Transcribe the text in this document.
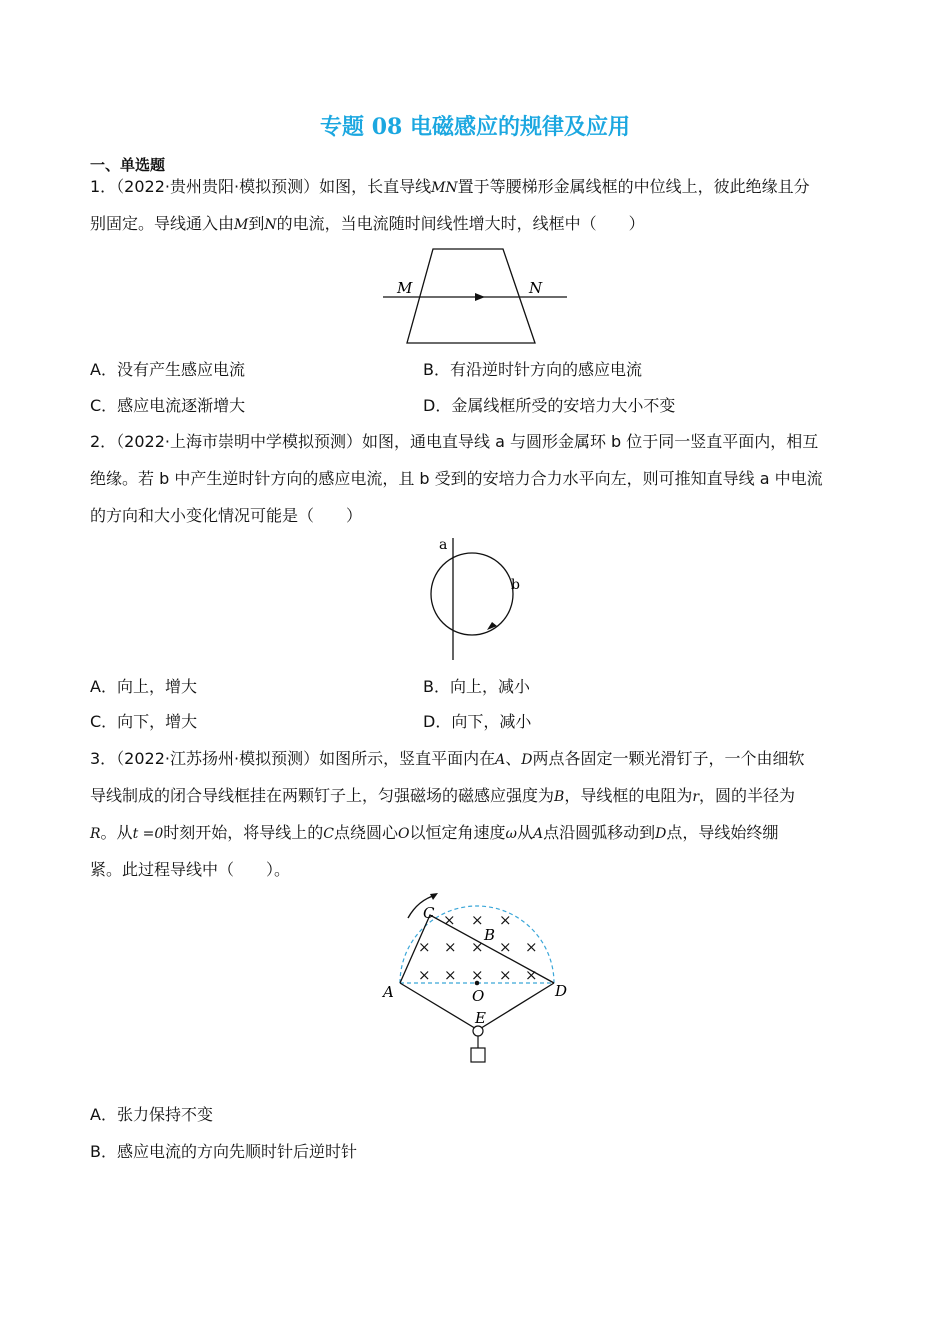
专题 08 电磁感应的规律及应用
一、单选题
1．（2022·贵州贵阳·模拟预测）如图，长直导线MN置于等腰梯形金属线框的中位线上，彼此绝缘且分
别固定。导线通入由M到N的电流，当电流随时间线性增大时，线框中（　　）
M	N
A．没有产生感应电流	B．有沿逆时针方向的感应电流
C．感应电流逐渐增大	D．金属线框所受的安培力大小不变
2．（2022·上海市崇明中学模拟预测）如图，通电直导线 a 与圆形金属环 b 位于同一竖直平面内，相互
绝缘。若 b 中产生逆时针方向的感应电流，且 b 受到的安培力合力水平向左，则可推知直导线 a 中电流
的方向和大小变化情况可能是（　　）
a
b
A．向上，增大	B．向上，减小
C．向下，增大	D．向下，减小
3．（2022·江苏扬州·模拟预测）如图所示，竖直平面内在A、D两点各固定一颗光滑钉子，一个由细软
导线制成的闭合导线框挂在两颗钉子上，匀强磁场的磁感应强度为B，导线框的电阻为r，圆的半径为
R。从t =0时刻开始，将导线上的C点绕圆心O以恒定角速度ω从A点沿圆弧移动到D点，导线始终绷
紧。此过程导线中（　　）。
× × ×
× × × × ×
× × × × ×
C
B
A	O	D
E
A．张力保持不变
B．感应电流的方向先顺时针后逆时针
